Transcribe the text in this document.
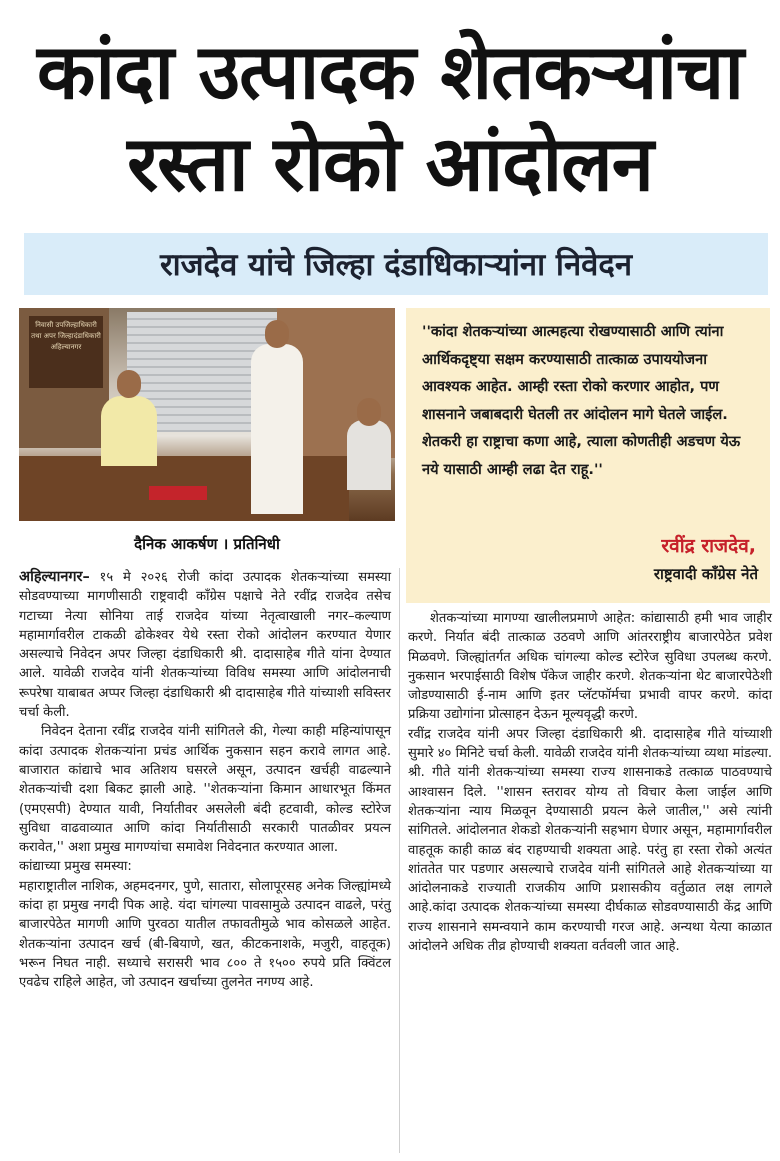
कांदा उत्पादक शेतकऱ्यांचा
रस्ता रोको आंदोलन
राजदेव यांचे जिल्हा दंडाधिकाऱ्यांना निवेदन
निवासी उपजिल्हाधिकारी तथा अपर जिल्हादंडाधिकारी अहिल्यानगर
दैनिक आकर्षण । प्रतिनिधी
''कांदा शेतकऱ्यांच्या आत्महत्या रोखण्यासाठी आणि त्यांना आर्थिकदृष्ट्या सक्षम करण्यासाठी तात्काळ उपाययोजना आवश्यक आहेत. आम्ही रस्ता रोको करणार आहोत, पण शासनाने जबाबदारी घेतली तर आंदोलन मागे घेतले जाईल. शेतकरी हा राष्ट्राचा कणा आहे, त्याला कोणतीही अडचण येऊ नये यासाठी आम्ही लढा देत राहू.''
रवींद्र राजदेव,
राष्ट्रवादी कॉंग्रेस नेते

अहिल्यानगर– १५ मे २०२६ रोजी कांदा उत्पादक शेतकऱ्यांच्या समस्या सोडवण्याच्या मागणीसाठी राष्ट्रवादी कॉंग्रेस पक्षाचे नेते रवींद्र राजदेव तसेच गटाच्या नेत्या सोनिया ताई राजदेव यांच्या नेतृत्वाखाली नगर–कल्याण महामार्गावरील टाकळी ढोकेश्वर येथे रस्ता रोको आंदोलन करण्यात येणार असल्याचे निवेदन अपर जिल्हा दंडाधिकारी श्री. दादासाहेब गीते यांना देण्यात आले. यावेळी राजदेव यांनी शेतकऱ्यांच्या विविध समस्या आणि आंदोलनाची रूपरेषा याबाबत अप्पर जिल्हा दंडाधिकारी श्री दादासाहेब गीते यांच्याशी सविस्तर चर्चा केली.

निवेदन देताना रवींद्र राजदेव यांनी सांगितले की, गेल्या काही महिन्यांपासून कांदा उत्पादक शेतकऱ्यांना प्रचंड आर्थिक नुकसान सहन करावे लागत आहे. बाजारात कांद्याचे भाव अतिशय घसरले असून, उत्पादन खर्चही वाढल्याने शेतकऱ्यांची दशा बिकट झाली आहे. ''शेतकऱ्यांना किमान आधारभूत किंमत (एमएसपी) देण्यात यावी, निर्यातीवर असलेली बंदी हटवावी, कोल्ड स्टोरेज सुविधा वाढवाव्यात आणि कांदा निर्यातीसाठी सरकारी पातळीवर प्रयत्न करावेत,'' अशा प्रमुख मागण्यांचा समावेश निवेदनात करण्यात आला.

कांद्याच्या प्रमुख समस्या:

महाराष्ट्रातील नाशिक, अहमदनगर, पुणे, सातारा, सोलापूरसह अनेक जिल्ह्यांमध्ये कांदा हा प्रमुख नगदी पिक आहे. यंदा चांगल्या पावसामुळे उत्पादन वाढले, परंतु बाजारपेठेत मागणी आणि पुरवठा यातील तफावतीमुळे भाव कोसळले आहेत. शेतकऱ्यांना उत्पादन खर्च (बी-बियाणे, खत, कीटकनाशके, मजुरी, वाहतूक) भरून निघत नाही. सध्याचे सरासरी भाव ८०० ते १५०० रुपये प्रति क्विंटल एवढेच राहिले आहेत, जो उत्पादन खर्चाच्या तुलनेत नगण्य आहे.

शेतकऱ्यांच्या मागण्या खालीलप्रमाणे आहेत: कांद्यासाठी हमी भाव जाहीर करणे. निर्यात बंदी तात्काळ उठवणे आणि आंतरराष्ट्रीय बाजारपेठेत प्रवेश मिळवणे. जिल्ह्यांतर्गत अधिक चांगल्या कोल्ड स्टोरेज सुविधा उपलब्ध करणे. नुकसान भरपाईसाठी विशेष पॅकेज जाहीर करणे. शेतकऱ्यांना थेट बाजारपेठेशी जोडण्यासाठी ई-नाम आणि इतर प्लॅटफॉर्मचा प्रभावी वापर करणे. कांदा प्रक्रिया उद्योगांना प्रोत्साहन देऊन मूल्यवृद्धी करणे.

रवींद्र राजदेव यांनी अपर जिल्हा दंडाधिकारी श्री. दादासाहेब गीते यांच्याशी सुमारे ४० मिनिटे चर्चा केली. यावेळी राजदेव यांनी शेतकऱ्यांच्या व्यथा मांडल्या. श्री. गीते यांनी शेतकऱ्यांच्या समस्या राज्य शासनाकडे तत्काळ पाठवण्याचे आश्वासन दिले. ''शासन स्तरावर योग्य तो विचार केला जाईल आणि शेतकऱ्यांना न्याय मिळवून देण्यासाठी प्रयत्न केले जातील,'' असे त्यांनी सांगितले. आंदोलनात शेकडो शेतकऱ्यांनी सहभाग घेणार असून, महामार्गावरील वाहतूक काही काळ बंद राहण्याची शक्यता आहे. परंतु हा रस्ता रोको अत्यंत शांततेत पार पडणार असल्याचे राजदेव यांनी सांगितले आहे शेतकऱ्यांच्या या आंदोलनाकडे राज्याती राजकीय आणि प्रशासकीय वर्तुळात लक्ष लागले आहे.कांदा उत्पादक शेतकऱ्यांच्या समस्या दीर्घकाळ सोडवण्यासाठी केंद्र आणि राज्य शासनाने समन्वयाने काम करण्याची गरज आहे. अन्यथा येत्या काळात आंदोलने अधिक तीव्र होण्याची शक्यता वर्तवली जात आहे.
